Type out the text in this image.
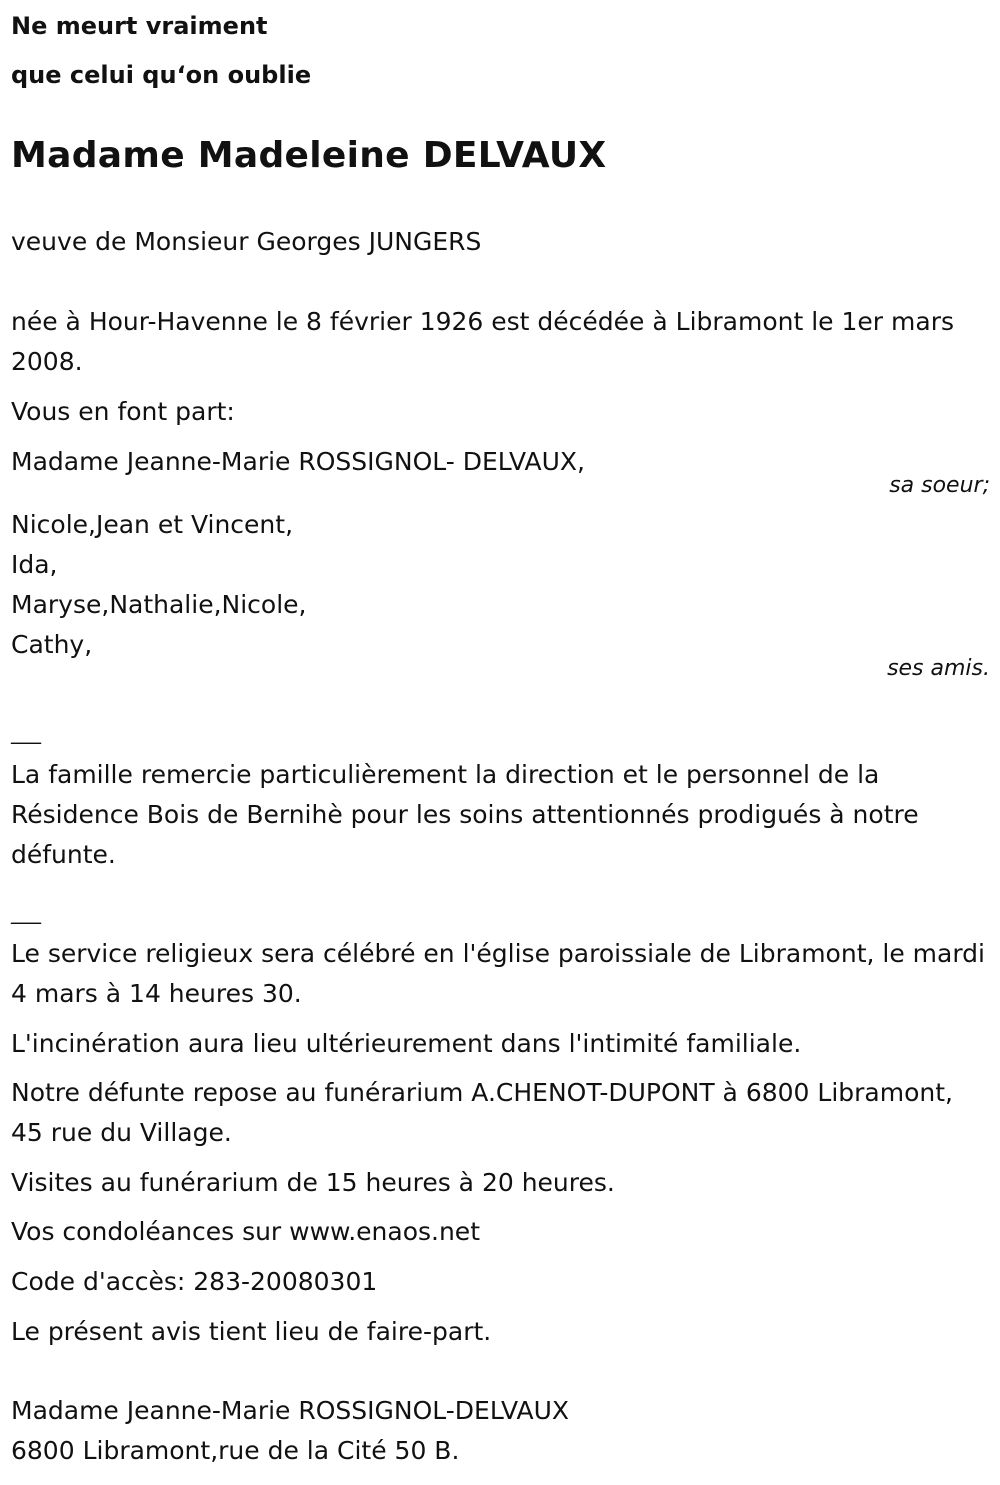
Ne meurt vraiment

que celui qu‘on oublie

Madame Madeleine DELVAUX

veuve de Monsieur Georges JUNGERS

née à Hour-Havenne le 8 février 1926 est décédée à Libramont le 1er mars 2008.

Vous en font part:

Madame Jeanne-Marie ROSSIGNOL- DELVAUX,

sa soeur;

Nicole,Jean et Vincent,

Ida,

Maryse,Nathalie,Nicole,

Cathy,

ses amis.
___

La famille remercie particulièrement la direction et le personnel de la Résidence Bois de Bernihè pour les soins attentionnés prodigués à notre défunte.

___

Le service religieux sera célébré en l'église paroissiale de Libramont, le mardi 4 mars à 14 heures 30.

L'incinération aura lieu ultérieurement dans l'intimité familiale.

Notre défunte repose au funérarium A.CHENOT-DUPONT à 6800 Libramont, 45 rue du Village.

Visites au funérarium de 15 heures à 20 heures.

Vos condoléances sur www.enaos.net

Code d'accès: 283-20080301

Le présent avis tient lieu de faire-part.

Madame Jeanne-Marie ROSSIGNOL-DELVAUX

6800 Libramont,rue de la Cité 50 B.
